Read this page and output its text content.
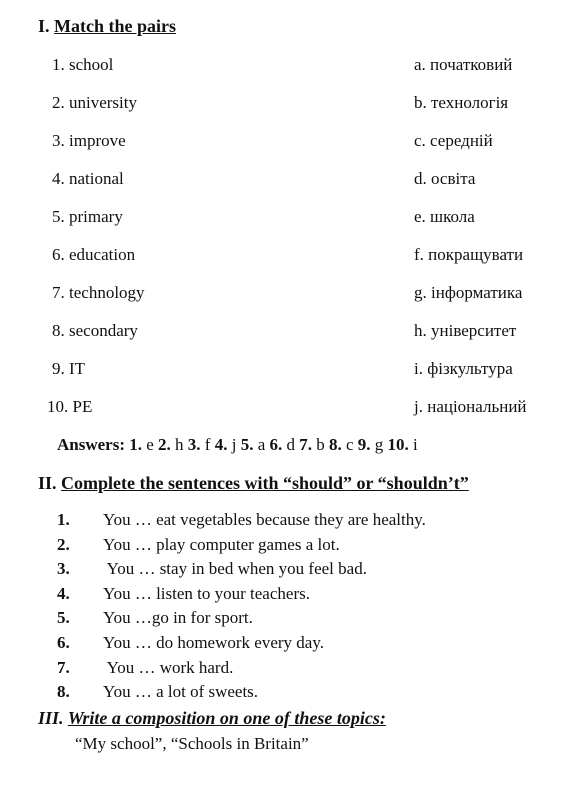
I. Match the pairs
1. school
2. university
3. improve
4. national
5. primary
6. education
7. technology
8. secondary
9. IT
10. PE
a. початковий
b. технологія
c. середній
d. освіта
e. школа
f. покращувати
g. інформатика
h. університет
i. фізкультура
j. національний
Answers: 1. e 2. h 3. f 4. j 5. a 6. d 7. b 8. c 9. g 10. i
II. Complete the sentences with “should” or “shouldn’t”
1. You … eat vegetables because they are healthy.
2. You … play computer games a lot.
3. You … stay in bed when you feel bad.
4. You … listen to your teachers.
5. You …go in for sport.
6. You … do homework every day.
7. You … work hard.
8. You … a lot of sweets.
III. Write a composition on one of these topics:
“My school”, “Schools in Britain”
